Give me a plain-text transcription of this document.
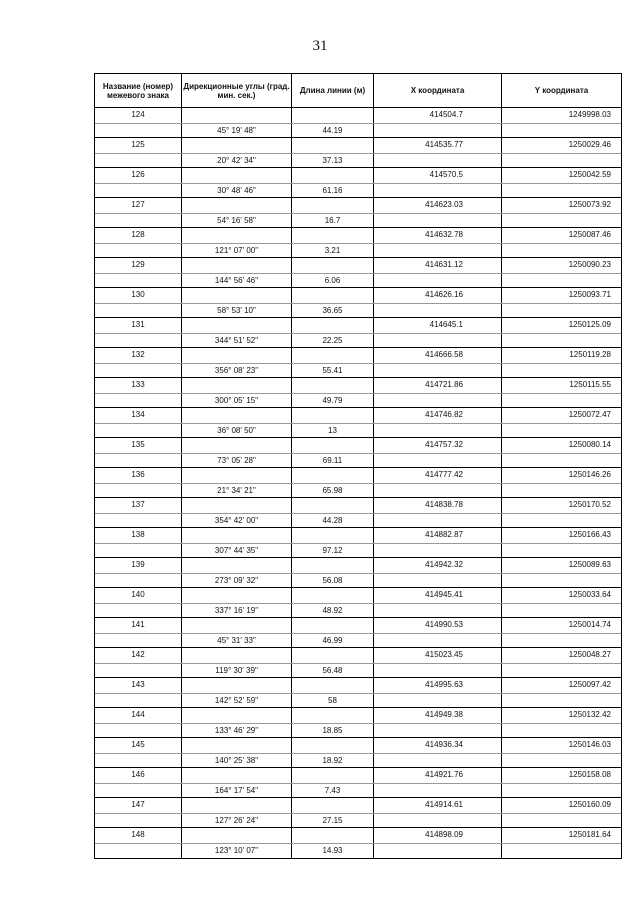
31
Название (номер) межевого знака
Дирекционные углы (град. мин. сек.)	Длина линии (м)	X координата	Y координата
124	414504.7	1249998.03
45° 19' 48"	44.19
125	414535.77	1250029.46
20° 42' 34"	37.13
126	414570.5	1250042.59
30° 48' 46"	61.16
127	414623.03	1250073.92
54° 16' 58"	16.7
128	414632.78	1250087.46
121° 07' 00"	3.21
129	414631.12	1250090.23
144° 56' 46"	6.06
130	414626.16	1250093.71
58° 53' 10"	36.65
131	414645.1	1250125.09
344° 51' 52"	22.25
132	414666.58	1250119.28
356° 08' 23"	55.41
133	414721.86	1250115.55
300° 05' 15"	49.79
134	414746.82	1250072.47
36° 08' 50"	13
135	414757.32	1250080.14
73° 05' 28"	69.11
136	414777.42	1250146.26
21° 34' 21"	65.98
137	414838.78	1250170.52
354° 42' 00"	44.28
138	414882.87	1250166.43
307° 44' 35"	97.12
139	414942.32	1250089.63
273° 09' 32"	56.08
140	414945.41	1250033.64
337° 16' 19"	48.92
141	414990.53	1250014.74
45° 31' 33"	46.99
142	415023.45	1250048.27
119° 30' 39"	56.48
143	414995.63	1250097.42
142° 52' 59"	58
144	414949.38	1250132.42
133° 46' 29"	18.85
145	414936.34	1250146.03
140° 25' 38"	18.92
146	414921.76	1250158.08
164° 17' 54"	7.43
147	414914.61	1250160.09
127° 26' 24"	27.15
148	414898.09	1250181.64
123° 10' 07"	14.93
